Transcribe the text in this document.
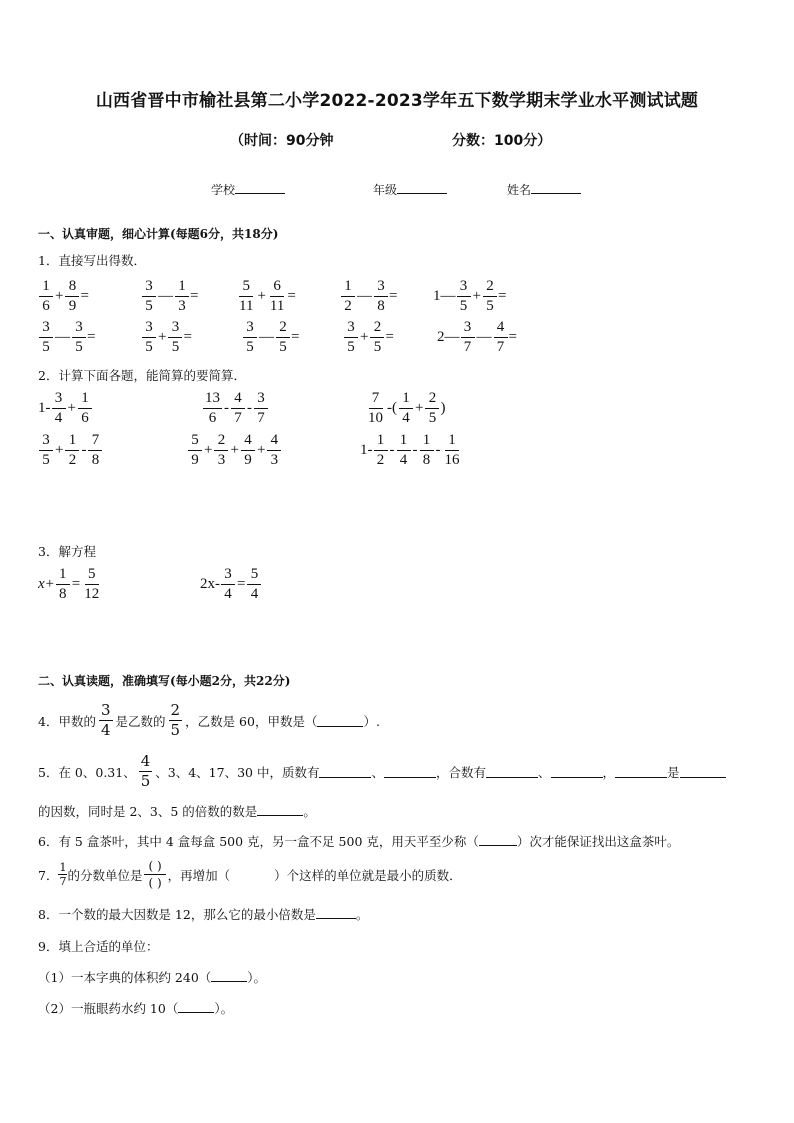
山西省晋中市榆社县第二小学2022-2023学年五下数学期末学业水平测试试题
（时间：90分钟	分数：100分）
学校	年级	姓名
一、认真审题，细心计算(每题6分，共18分)
1．直接写出得数．
$\frac{1}{6} + \frac{8}{9}$ =	$\frac{3}{5}$ — $\frac{1}{3}$ =	$\frac{5}{11} + \frac{6}{11}$ =	$\frac{1}{2}$ — $\frac{3}{8}$ = 1— $\frac{3}{5} + \frac{2}{5}$ =
$\frac{3}{5}$ — $\frac{3}{5}$ =	$\frac{3}{5} + \frac{3}{5}$ =	$\frac{3}{5}$ — $\frac{2}{5}$ =	$\frac{3}{5} + \frac{2}{5}$ =	2— $\frac{3}{7}$ — $\frac{4}{7}$ =
2．计算下面各题，能简算的要简算．
$1- \frac{3}{4} + \frac{1}{6}$	$\frac{13}{6} - \frac{4}{7} - \frac{3}{7}$	$\frac{7}{10}$ -( $\frac{1}{4} + \frac{2}{5}$ )
$\frac{3}{5} + \frac{1}{2} - \frac{7}{8}$	$\frac{5}{9} + \frac{2}{3} + \frac{4}{9} + \frac{4}{3}$	$1- \frac{1}{2} - \frac{1}{4} - \frac{1}{8} - \frac{1}{16}$
3．解方程
$x+ \frac{1}{8} = \frac{5}{12}$	$2x- \frac{3}{4} = \frac{5}{4}$
二、认真读题，准确填写(每小题2分，共22分)
4．甲数的 $\frac{3}{4}$ 是乙数的 $\frac{2}{5}$ ，乙数是 60，甲数是（	）.
5．在 0、0.31、 $\frac{4}{5}$ 、3、4、17、30 中，质数有	、	，合数有	、	，	是
的因数，同时是 2、3、5 的倍数的数是	。
6．有 5 盒茶叶，其中 4 盒每盒 500 克，另一盒不足 500 克，用天平至少称（	）次才能保证找出这盒茶叶。
7． $\frac{1}{7}$ 的分数单位是
( )
( )
，再增加（	）个这样的单位就是最小的质数．
8．一个数的最大因数是 12，那么它的最小倍数是	。
9．填上合适的单位：
（1）一本字典的体积约 240（	）。
（2）一瓶眼药水约 10（	）。
